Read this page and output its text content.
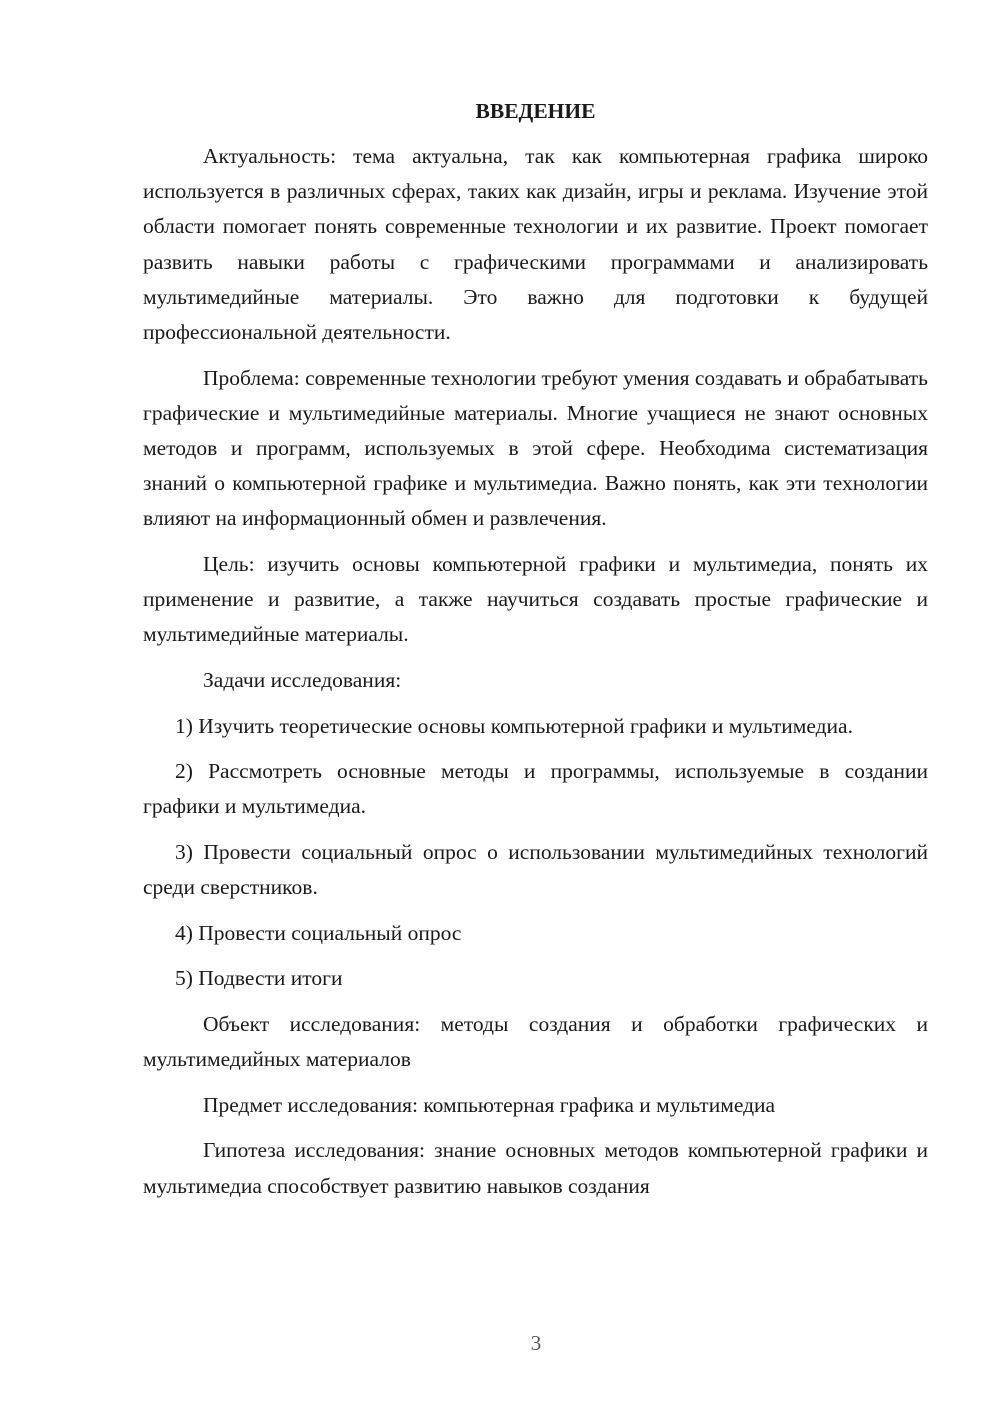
ВВЕДЕНИЕ
Актуальность: тема актуальна, так как компьютерная графика широко используется в различных сферах, таких как дизайн, игры и реклама. Изучение этой области помогает понять современные технологии и их развитие. Проект помогает развить навыки работы с графическими программами и анализировать мультимедийные материалы. Это важно для подготовки к будущей профессиональной деятельности.
Проблема: современные технологии требуют умения создавать и обрабатывать графические и мультимедийные материалы. Многие учащиеся не знают основных методов и программ, используемых в этой сфере. Необходима систематизация знаний о компьютерной графике и мультимедиа. Важно понять, как эти технологии влияют на информационный обмен и развлечения.
Цель: изучить основы компьютерной графики и мультимедиа, понять их применение и развитие, а также научиться создавать простые графические и мультимедийные материалы.
Задачи исследования:
1) Изучить теоретические основы компьютерной графики и мультимедиа.
2) Рассмотреть основные методы и программы, используемые в создании графики и мультимедиа.
3) Провести социальный опрос о использовании мультимедийных технологий среди сверстников.
4) Провести социальный опрос
5) Подвести итоги
Объект исследования: методы создания и обработки графических и мультимедийных материалов
Предмет исследования: компьютерная графика и мультимедиа
Гипотеза исследования: знание основных методов компьютерной графики и мультимедиа способствует развитию навыков создания
3
